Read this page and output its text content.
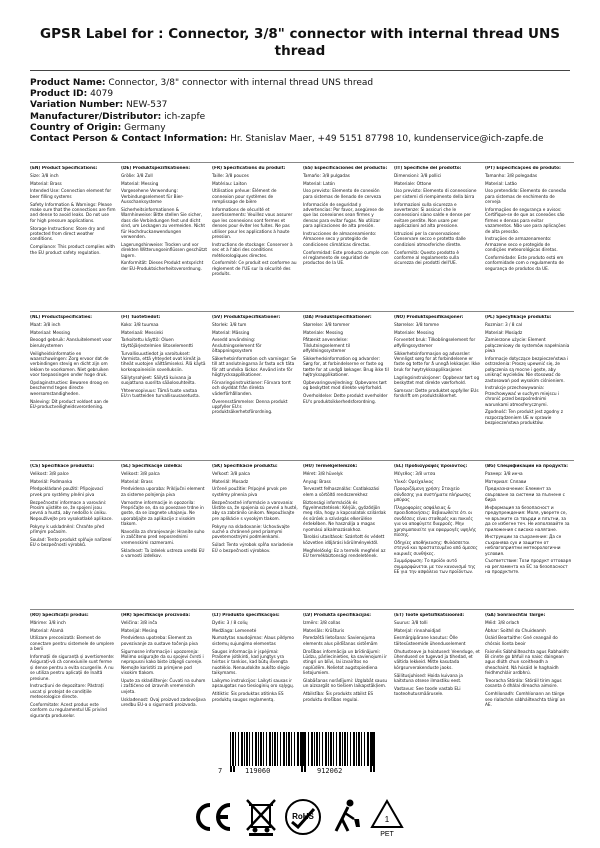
GPSR Label for : Connector, 3/8" connector with internal thread UNS thread
Product Name: Connector, 3/8" connector with internal thread UNS thread
Product ID: 4079
Variation Number: NEW-537
Manufacturer/Distributor: ich-zapfe
Country of Origin: Germany
Contact Person & Contact Information: Hr. Stanislav Maer, +49 5151 87798 10, kundenservice@ich-zapfe.de

(EN) Product Specifications:

Size: 3/8 inch

Material: Brass

Intended Use: Connection element for beer filling systems

Safety Information & Warnings: Please make sure that the connections are firm and dense to avoid leaks. Do not use for high pressure applications.

Storage Instructions: Store dry and protected from direct weather conditions.

Compliance: This product complies with the EU product safety regulation.

(DE) Produktspezifikationen:

Größe: 3/8 Zoll

Material: Messing

Vorgesehene Verwendung: Verbindungselement für Bier-Ausschanksysteme

Sicherheitsinformationen & Warnhinweise: Bitte stellen Sie sicher, dass die Verbindungen fest und dicht sind, um Leckagen zu vermeiden. Nicht für Hochdruckanwendungen verwenden.

Lagerungshinweise: Trocken und vor direkten Witterungseinflüssen geschützt lagern.

Konformität: Dieses Produkt entspricht der EU-Produktsicherheitsverordnung.

(FR) Spécifications du produit:

Taille: 3/8 pouces

Matériau: Laiton

Utilisation prévue: Élément de connexion pour systèmes de remplissage de bière

Informations de sécurité et avertissements: Veuillez vous assurer que les connexions sont fermes et denses pour éviter les fuites. Ne pas utiliser pour les applications à haute pression.

Instructions de stockage: Conserver à sec et à l'abri des conditions météorologiques directes.

Conformité: Ce produit est conforme au règlement de l'UE sur la sécurité des produits.

(ES) Especificaciones del producto:

Tamaño: 3/8 pulgadas

Material: Latón

Uso previsto: Elemento de conexión para sistemas de llenado de cerveza

Información de seguridad y advertencias: Por favor, asegúrese de que las conexiones sean firmes y densas para evitar fugas. No utilizar para aplicaciones de alta presión.

Instrucciones de almacenamiento: Almacene seco y protegido de condiciones climáticas directas.

Conformidad: Este producto cumple con el reglamento de seguridad de productos de la UE.

(IT) Specifiche del prodotto:

Dimensioni: 3/8 pollici

Materiale: Ottone

Uso previsto: Elemento di connessione per sistemi di riempimento della birra

Informazioni sulla sicurezza e avvertenze: Si assicuri che le connessioni siano salde e dense per evitare perdite. Non usare per applicazioni ad alta pressione.

Istruzioni per la conservazione: Conservare secco e protetto dalle condizioni atmosferiche dirette.

Conformità: Questo prodotto è conforme al regolamento sulla sicurezza dei prodotti dell'UE.

(PT) Especificações do produto:

Tamanho: 3/8 polegadas

Material: Latão

Uso pretendido: Elemento de conexão para sistemas de enchimento de cerveja

Informações de segurança e avisos: Certifique-se de que as conexões são firmes e densas para evitar vazamentos. Não use para aplicações de alta pressão.

Instruções de armazenamento: Armazene seco e protegido de condições meteorológicas diretas.

Conformidade: Este produto está em conformidade com o regulamento de segurança de produtos da UE.

(NL) Productspecificaties:

Maat: 3/8 inch

Materiaal: Messing

Beoogd gebruik: Aansluitelement voor bierulsystemen

Veiligheidsinformatie en waarschuwingen: Zorg ervoor dat de verbindingen stevig en dicht zijn om lekken te voorkomen. Niet gebruiken voor toepassingen onder hoge druk.

Opslaginstructies: Bewaren droog en beschermd tegen directe weersomstandigheden.

Naleving: Dit product voldoet aan de EU-productveiligheidsverordening.

(FI) Tuotetiedot:

Koko: 3/8 tuumaa

Materiaali: Messinki

Tarkoitettu käyttö: Oluen täyttöjärjestelmien liitoselementti

Turvallisuustiedot ja varoitukset: Varmista, että yhteydet ovat kireät ja tiheät vuotojen välttämiseksi. Älä käytä korkeapaineisiin sovelluksiin.

Säilytysohjeet: Säilytä kuivana ja suojattuna suorilta sääolosuhteilta.

Yhteensopivuus: Tämä tuote vastaa EU:n tuotteiden turvallisuusasetusta.

(SV) Produktspecifikationer:

Storlek: 3/8 tum

Material: Mässing

Avsedd användning: Anslutningselement för öltappningssystem

Säkerhetsinformation och varningar: Se till att anslutningarna är fasta och täta för att undvika läckor. Använd inte för högtrycksapplikationer.

Förvaringsinstruktioner: Förvara torrt och skyddat från direkta väderförhållanden.

Överensstämmelse: Denna produkt uppfyller EU:s produktsäkerhetsförordning.

(DA) Produktspecifikationer:

Størrelse: 3/8 tommer

Materiale: Messing

Påtænkt anvendelse: Tilslutningselement til ølfyldningssystemer

Sikkerhedsinformation og advarsler: Sørg for, at forbindelserne er faste og tætte for at undgå lækager. Brug ikke til højtryksapplikationer.

Opbevaringsvejledning: Opbevares tørt og beskyttet mod direkte vejrforhold.

Overholdelse: Dette produkt overholder EU's produktsikkerhedsforordning.

(NO) Produktspesifikasjoner:

Størrelse: 3/8 tomme

Materiale: Messing

Forventet bruk: Tilkoblingselement for ølfyllingssystemer

Sikkerhetsinformasjon og advarsler: Vennligst sørg for at forbindelsene er faste og tette for å unngå lekkasjer. Ikke bruk for høytrykksapplikasjoner.

Lagringsinstruksjoner: Oppbevar tørt og beskyttet mot direkte værforhold.

Samsvar: Dette produktet oppfyller EUs forskrift om produktsikkerhet.

(PL) Specyfikacje produktu:

Rozmiar: 3 / 8 cal

Materiał: Mosiądz

Zamierzone użycie: Element połączeniowy do systemów napełniania piwa

Informacje dotyczące bezpieczeństwa i ostrzeżenia: Proszę upewnić się, że połączenia są mocne i gęste, aby uniknąć wycieków. Nie stosować do zastosowań pod wysokim ciśnieniem.

Instrukcje przechowywania: Przechowywać w suchym miejscu i chronić przed bezpośrednimi warunkami atmosferycznymi.

Zgodność: Ten produkt jest zgodny z rozporządzeniem UE w sprawie bezpieczeństwa produktów.

(CS) Specifikace produktu:

Velikost: 3/8 palce

Materiál: Podmanka

Předpokládané použití: Připojovací prvek pro systémy plnění piva

Bezpečnostní informace a varování: Prosím ujistěte se, že spojení jsou pevná a hustá, aby nedošlo k úniku. Nepoužívejte pro vysokotlaké aplikace.

Pokyny k uskladnění: Chraňte před přímým počasím.

Soulad: Tento produkt splňuje nařízení EU o bezpečnosti výrobků.

(SL) Specifikacije izdelka:

Velikost: 3/8 palca

Material: Brass

Predvidena uporaba: Priključni element za sisteme polnjenja piva

Varnostne informacije in opozorila: Prepričajte se, da so povezave trdne in goste, da se izognete uhajanju. Ne uporabljajte za aplikacije z visokim tlakom.

Navodila za shranjevanje: Hranite suho in zaščiteno pred neposrednimi vremenskimi razmerami.

Skladnost: Ta izdelek ustreza uredbi EU o varnosti izdelkov.

(SK) Špecifikácie produktu:

Veľkosť: 3/8 palca

Materiál: Mosadz

Určené použitie: Prípojné prvok pre systémy plnenia piva

Bezpečnostné informácie a varovania: Uistite sa, že spojenia sú pevné a husté, aby sa zabránilo únikom. Nepoužívajte pre aplikácie s vysokým tlakom.

Pokyny na skladovanie: Uchovávajte suché a chránené pred priamymi poveternostnými podmienkami.

Súlad: Tento výrobok spĺňa nariadenie EÚ o bezpečnosti výrobkov.

(HU) Termékjellemzők:

Méret: 3/8 hüvelyk

Anyag: Brass

Tervezett felhasználás: Csatlakozási elem a sörtöltő rendszerekhez

Biztonsági információk és figyelmeztetések: Kérjük, győződjön meg róla, hogy a kapcsolatok szilárdak és sűrűek a szivárgás elkerülése érdekében. Ne használja a magas nyomású alkalmazásokhoz.

Tárolási utasítások: Szárított és védett közvetlen időjárási körülményektől.

Megfelelőség: Ez a termék megfelel az EU termékbiztonsági rendeletének.

(EL) Προδιαγραφές προϊόντος:

Μέγεθος: 3/8 ιντσα

Υλικό: Ορείχαλκος

Προοριζόμενη χρήση: Στοιχείο σύνδεσης για συστήματα πλήρωσης μπύρας

Πληροφορίες ασφάλειας & προειδοποιήσεις: Βεβαιωθείτε ότι οι συνδέσεις είναι σταθερές και πυκνές για να αποφύγετε διαρροές. Μην χρησιμοποιείτε για εφαρμογές υψηλής πίεσης.

Οδηγίες αποθήκευσης: Φυλάσσεται στεγνό και προστατευμένο από άμεσες καιρικές συνθήκες.

Συμμόρφωση: Το προϊόν αυτό συμμορφώνεται με τον κανονισμό της ΕΕ για την ασφάλεια των προϊόντων.

(BG) Спецификации на продукта:

Размер: 3/8 инча

Материал: Сплави

Предназначение: Елемент за свързване за системи за пълнене с бира

Информация за безопасност и предупреждения: Моля, уверете се, че връзките са твърди и плътни, за да се избегне теч. Не използвайте за приложения с високо налягане.

Инструкции за съхранение: Да се съхранява сух и защитен от неблагоприятни метеорологични условия.

Съответствие: Този продукт отговаря на регламента на ЕС за безопасност на продуктите.

(RO) Specificații produs:

Mărime: 3/8 inch

Material: Alamă

Utilizare preconizată: Element de conectare pentru sistemele de umplere a berii

Informații de siguranță și avertismente: Asigurați-vă că conexiunile sunt ferme și dense pentru a evita scurgerile. A nu se utiliza pentru aplicații de înaltă presiune.

Instrucțiuni de depozitare: Păstrați uscat și protejat de condițiile meteorologice directe.

Conformitate: Acest produs este conform cu regulamentul UE privind siguranța produselor.

(HR) Specifikacije proizvoda:

Veličina: 3/8 inča

Materijal: Mesing

Predviđena upotreba: Element za povezivanje za sustave točenja piva

Sigurnosne informacije i upozorenja: Molimo osigurajte da su spojevi čvrsti i nepropusni kako biste izbjegli curenje. Nemojte koristiti za primjene pod visokim tlakom.

Upute za skladištenje: Čuvati na suhom i zaštićeno od izravnih vremenskih uvjeta.

Usklađenost: Ovaj proizvod zadovoljava uredbu EU-a o sigurnosti proizvoda.

(LT) Produkto specifikacijos:

Dydis: 3 / 8 colių

Medžiaga: Lemenetė

Numatytas naudojimas: Alaus pildymo sistemų sujungimo elementas

Saugos informacija ir įspėjimai: Prašome įsitikinti, kad jungtys yra tvirtos ir tankios, kad būtų išvengta nuotėkio. Nenaudokite aukšto slėgio taikymams.

Laikymo instrukcijos: Laikyti sausas ir apsaugotas nuo tiesioginių oro sąlygų.

Atitiktis: Šis produktas atitinka ES produktų saugos reglamentą.

(LV) Produkta specifikācijas:

Izmērs: 3/8 collas

Materiāls: Krūšturis

Paredzētā lietošana: Savienojuma elements alus pildīšanas sistēmām

Drošības informācija un brīdinājumi: Lūdzu, pārliecinieties, ka savienojumi ir stingri un blīvi, lai izvairītos no noplūdēm. Nelietot augstspiediena lietojumiem.

Glabāšanas norādījumi: Uzglabāt sausu un aizsargāt no tiešiem laikapstākļiem.

Atbilstība: Šis produkts atbilst ES produktu drošības regulai.

(ET) Toote spetsifikatsioonid:

Suurus: 3/8 tolli

Materjal: rinnahoidjad

Eesmärgipärane kasutus: Õlle täitesüsteemide ühenduselement

Ohutusteave ja hoiatused: Veenduge, et ühendused on tugevad ja tihedad, et vältida lekkeid. Mitte kasutada kõrgsurverakenduste jaoks.

Säilitusjuhised: Hoida kuivana ja kaitstuna otsese ilmastiku eest.

Vastavus: See toode vastab ELi tooteohutusmäärusele.

(GA) Sonraíochtaí Táirge:

Méid: 3/8 orlach

Ábhar: Soithíl do Chuideamh

Úsáid Beartaithe: Gné ceangail do chórais líonta beoir

Faisnéis Sábháilteachta agus Rabhaidh: Bí cinnte go bhfuil na naisc daingean agus dlúth chun sceitheadh a sheachaint. Ná húsáid le haghaidh feidhmchláir ardbhrú.

Treoracha Stórála: Stóráil tirim agus cosanta ó dhálaí díreacha aimsire.

Comhlíonadh: Comhlíonann an táirge seo rialachán sábháilteachta táirgí an AE.

7	119060	912062
RoHS	1
PET
